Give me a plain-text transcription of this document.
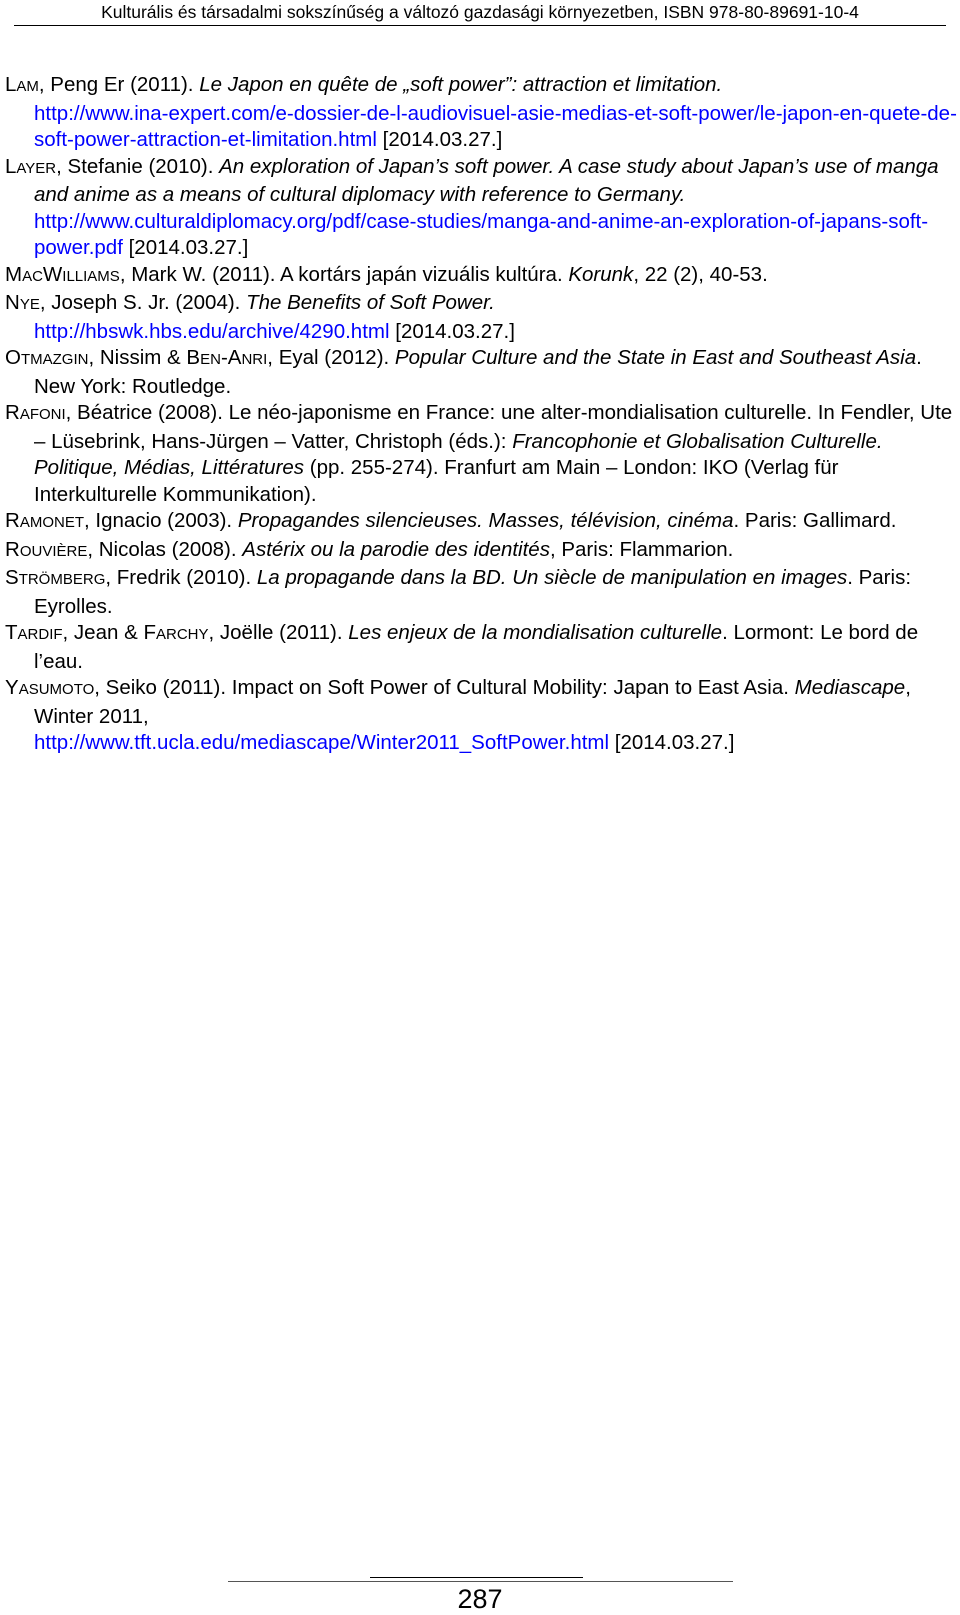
Kulturális és társadalmi sokszínűség a változó gazdasági környezetben, ISBN 978-80-89691-10-4

LAM, Peng Er (2011). Le Japon en quête de „soft power”: attraction et limitation.
http://www.ina-expert.com/e-dossier-de-l-audiovisuel-asie-medias-et-soft-power/le-japon-en-quete-de-soft-power-attraction-et-limitation.html [2014.03.27.]

LAYER, Stefanie (2010). An exploration of Japan’s soft power. A case study about Japan’s use of manga and anime as a means of cultural diplomacy with reference to Germany. http://www.culturaldiplomacy.org/pdf/case-studies/manga-and-anime-an-exploration-of-japans-soft-power.pdf [2014.03.27.]

MACWILLIAMS, Mark W. (2011). A kortárs japán vizuális kultúra. Korunk, 22 (2), 40-53.

NYE, Joseph S. Jr. (2004). The Benefits of Soft Power.
http://hbswk.hbs.edu/archive/4290.html [2014.03.27.]

OTMAZGIN, Nissim & BEN-ANRI, Eyal (2012). Popular Culture and the State in East and Southeast Asia. New York: Routledge.

RAFONI, Béatrice (2008). Le néo-japonisme en France: une alter-mondialisation culturelle. In Fendler, Ute – Lüsebrink, Hans-Jürgen – Vatter, Christoph (éds.): Francophonie et Globalisation Culturelle. Politique, Médias, Littératures (pp. 255-274). Franfurt am Main – London: IKO (Verlag für Interkulturelle Kommunikation).

RAMONET, Ignacio (2003). Propagandes silencieuses. Masses, télévision, cinéma. Paris: Gallimard.

ROUVIÈRE, Nicolas (2008). Astérix ou la parodie des identités, Paris: Flammarion.

STRÖMBERG, Fredrik (2010). La propagande dans la BD. Un siècle de manipulation en images. Paris: Eyrolles.

TARDIF, Jean & FARCHY, Joëlle (2011). Les enjeux de la mondialisation culturelle. Lormont: Le bord de l’eau.

YASUMOTO, Seiko (2011). Impact on Soft Power of Cultural Mobility: Japan to East Asia. Mediascape, Winter 2011,
http://www.tft.ucla.edu/mediascape/Winter2011_SoftPower.html [2014.03.27.]

287
